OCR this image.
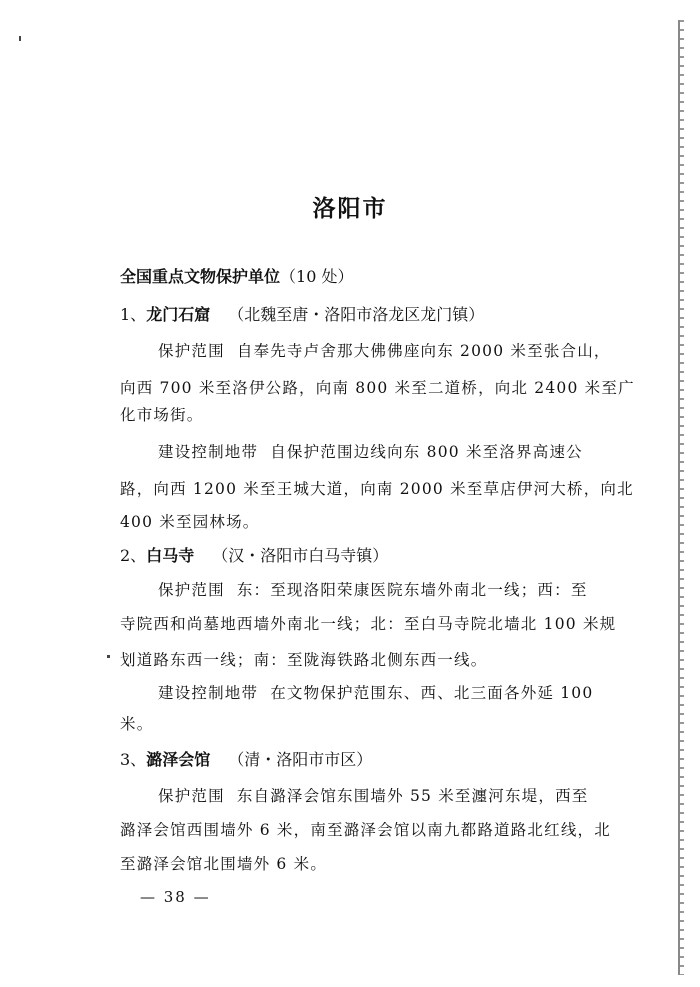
洛阳市
全国重点文物保护单位（10 处）
1、龙门石窟 （北魏至唐・洛阳市洛龙区龙门镇）
保护范围 自奉先寺卢舍那大佛佛座向东 2000 米至张合山，
向西 700 米至洛伊公路，向南 800 米至二道桥，向北 2400 米至广
化市场街。
建设控制地带 自保护范围边线向东 800 米至洛界高速公
路，向西 1200 米至王城大道，向南 2000 米至草店伊河大桥，向北
400 米至园林场。
2、白马寺 （汉・洛阳市白马寺镇）
保护范围 东：至现洛阳荣康医院东墙外南北一线；西：至
寺院西和尚墓地西墙外南北一线；北：至白马寺院北墙北 100 米规
划道路东西一线；南：至陇海铁路北侧东西一线。
建设控制地带 在文物保护范围东、西、北三面各外延 100
米。
3、潞泽会馆 （清・洛阳市市区）
保护范围 东自潞泽会馆东围墙外 55 米至瀍河东堤，西至
潞泽会馆西围墙外 6 米，南至潞泽会馆以南九都路道路北红线，北
至潞泽会馆北围墙外 6 米。
— 38 —
